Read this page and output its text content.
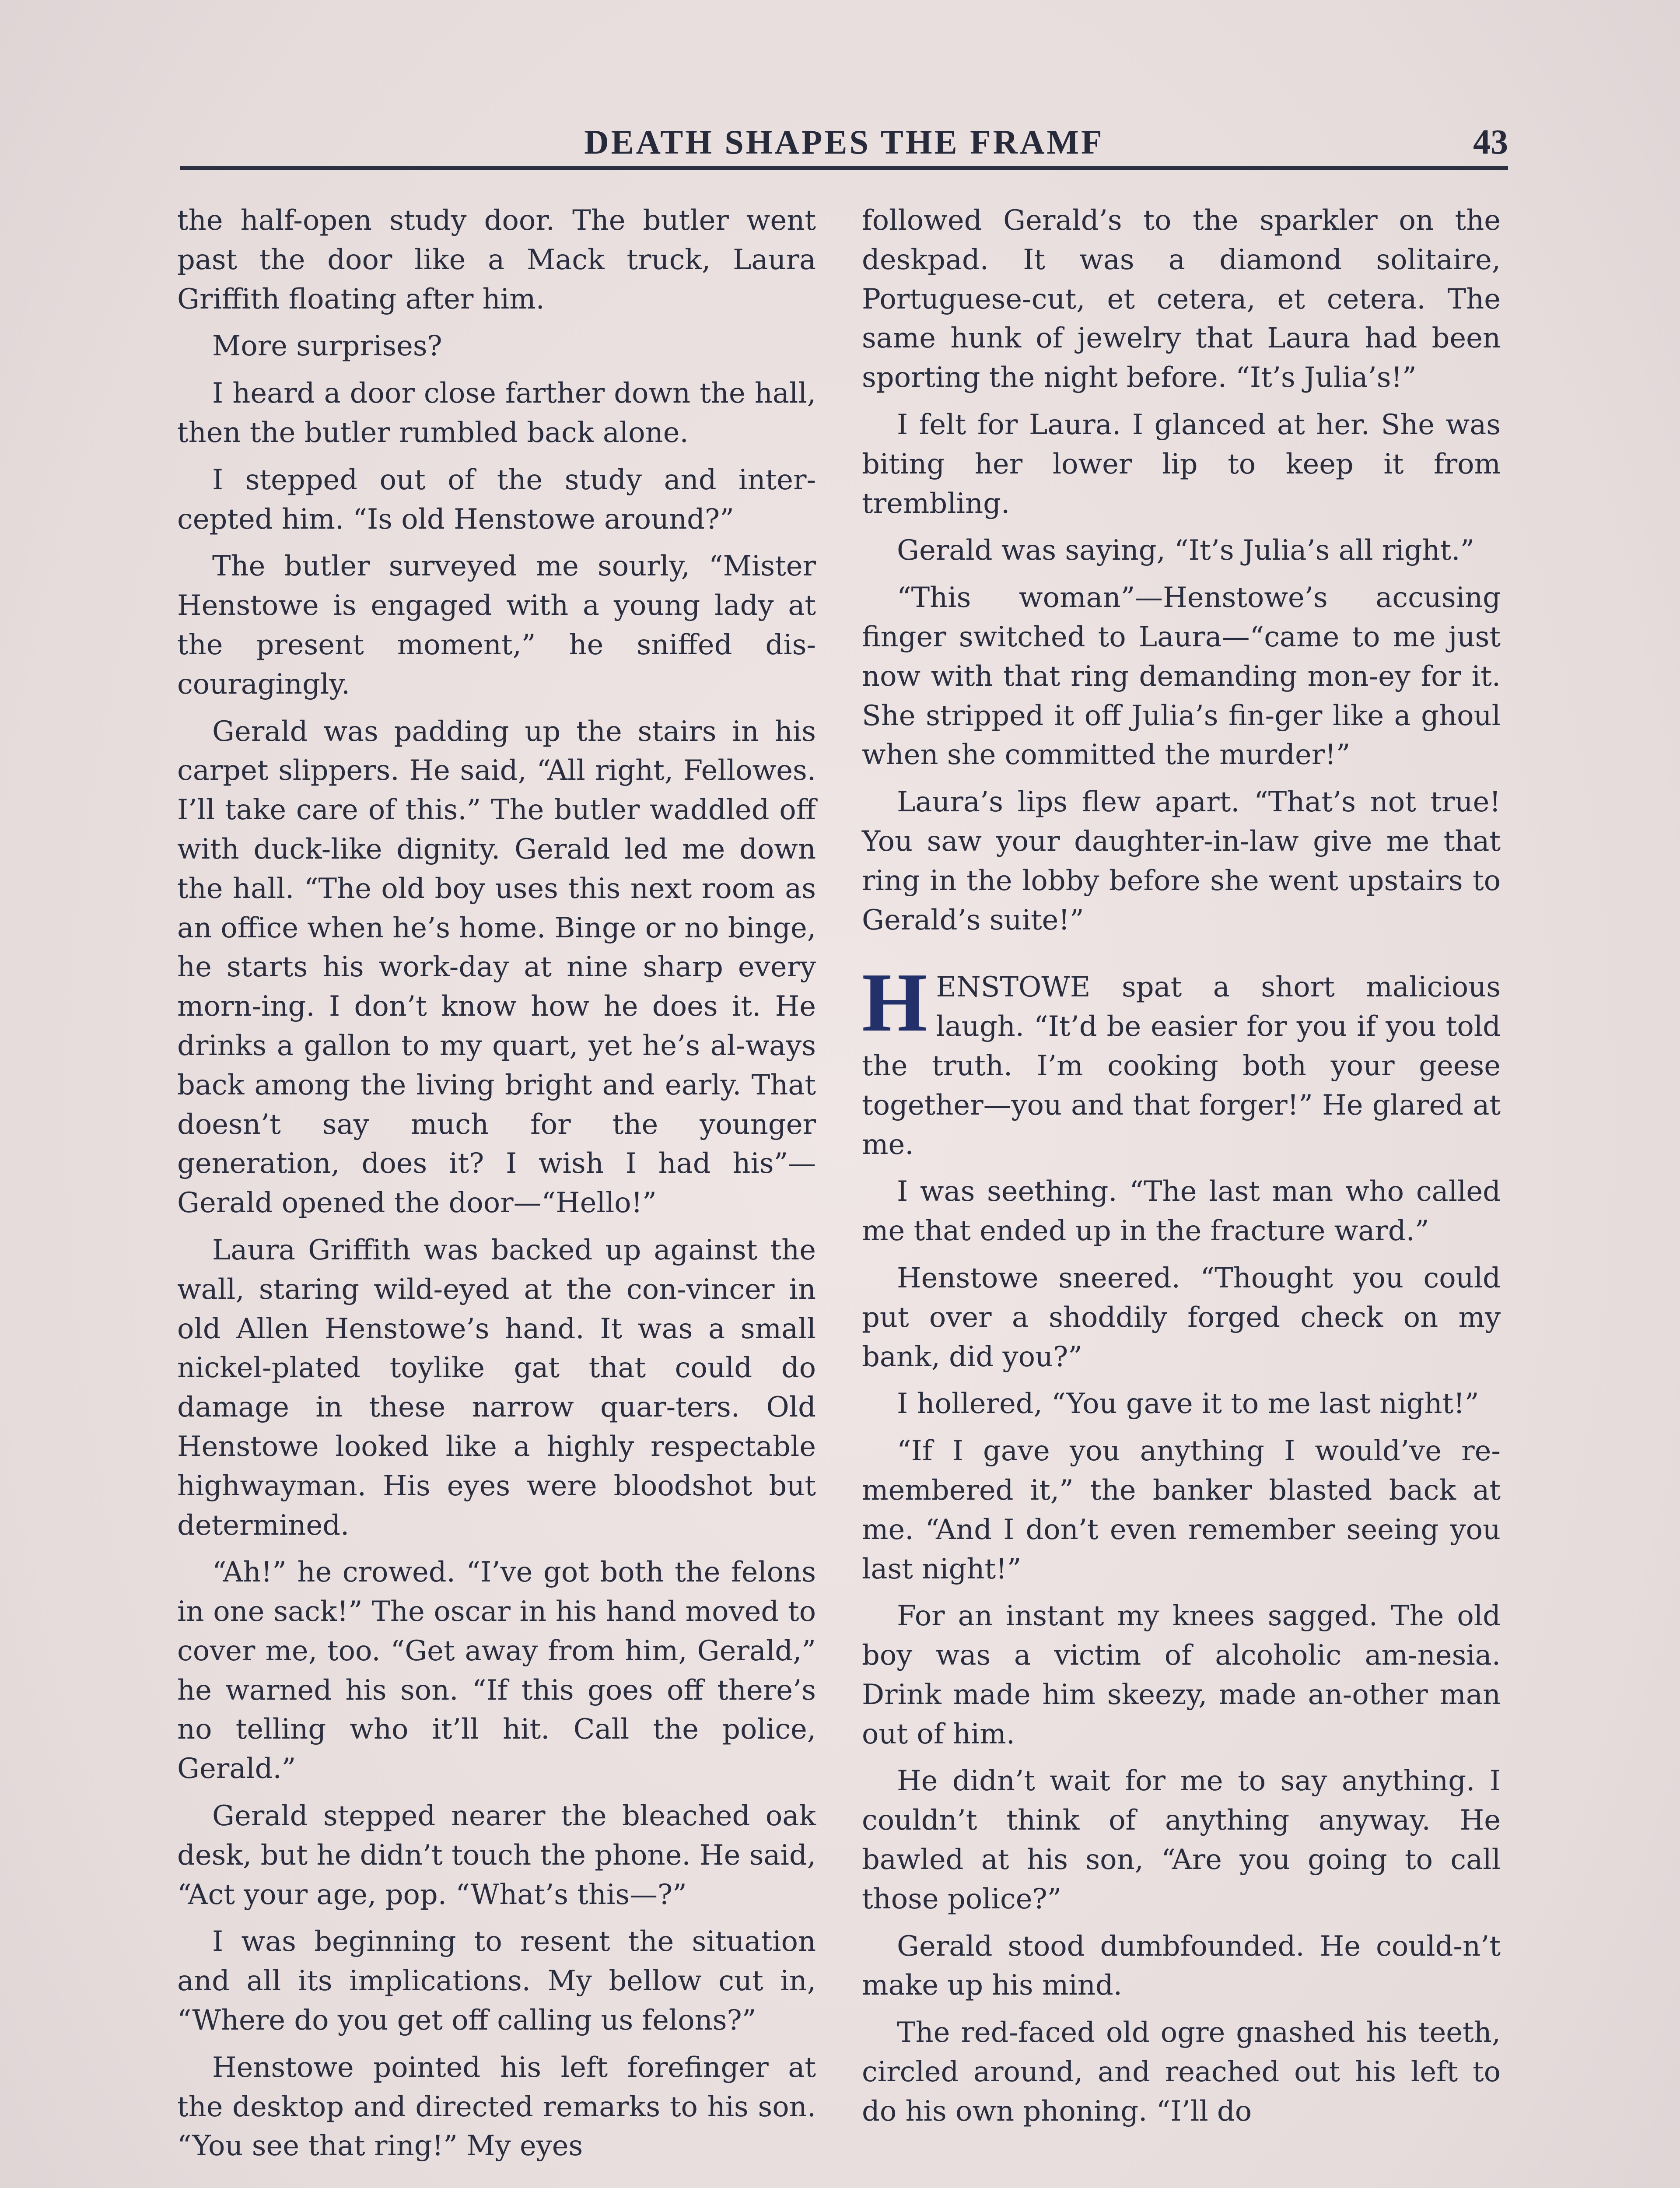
DEATH SHAPES THE FRAMF	43

the half-open study door. The butler went past the door like a Mack truck, Laura Griffith floating after him.

More surprises?

I heard a door close farther down the hall, then the butler rumbled back alone.

I stepped out of the study and inter-cepted him. “Is old Henstowe around?”

The butler surveyed me sourly, “Mister Henstowe is engaged with a young lady at the present moment,” he sniffed dis-couragingly.

Gerald was padding up the stairs in his carpet slippers. He said, “All right, Fellowes. I’ll take care of this.” The butler waddled off with duck-like dignity. Gerald led me down the hall. “The old boy uses this next room as an office when he’s home. Binge or no binge, he starts his work-day at nine sharp every morn-ing. I don’t know how he does it. He drinks a gallon to my quart, yet he’s al-ways back among the living bright and early. That doesn’t say much for the younger generation, does it? I wish I had his”—Gerald opened the door—“Hello!”

Laura Griffith was backed up against the wall, staring wild-eyed at the con-vincer in old Allen Henstowe’s hand. It was a small nickel-plated toylike gat that could do damage in these narrow quar-ters. Old Henstowe looked like a highly respectable highwayman. His eyes were bloodshot but determined.

“Ah!” he crowed. “I’ve got both the felons in one sack!” The oscar in his hand moved to cover me, too. “Get away from him, Gerald,” he warned his son. “If this goes off there’s no telling who it’ll hit. Call the police, Gerald.”

Gerald stepped nearer the bleached oak desk, but he didn’t touch the phone. He said, “Act your age, pop. “What’s this—?”

I was beginning to resent the situation and all its implications. My bellow cut in, “Where do you get off calling us felons?”

Henstowe pointed his left forefinger at the desktop and directed remarks to his son. “You see that ring!” My eyes

followed Gerald’s to the sparkler on the deskpad. It was a diamond solitaire, Portuguese-cut, et cetera, et cetera. The same hunk of jewelry that Laura had been sporting the night before. “It’s Julia’s!”

I felt for Laura. I glanced at her. She was biting her lower lip to keep it from trembling.

Gerald was saying, “It’s Julia’s all right.”

“This woman”—Henstowe’s accusing finger switched to Laura—“came to me just now with that ring demanding mon-ey for it. She stripped it off Julia’s fin-ger like a ghoul when she committed the murder!”

Laura’s lips flew apart. “That’s not true! You saw your daughter-in-law give me that ring in the lobby before she went upstairs to Gerald’s suite!”

HENSTOWE spat a short malicious laugh. “It’d be easier for you if you told the truth. I’m cooking both your geese together—you and that forger!” He glared at me.

I was seething. “The last man who called me that ended up in the fracture ward.”

Henstowe sneered. “Thought you could put over a shoddily forged check on my bank, did you?”

I hollered, “You gave it to me last night!”

“If I gave you anything I would’ve re-membered it,” the banker blasted back at me. “And I don’t even remember seeing you last night!”

For an instant my knees sagged. The old boy was a victim of alcoholic am-nesia. Drink made him skeezy, made an-other man out of him.

He didn’t wait for me to say anything. I couldn’t think of anything anyway. He bawled at his son, “Are you going to call those police?”

Gerald stood dumbfounded. He could-n’t make up his mind.

The red-faced old ogre gnashed his teeth, circled around, and reached out his left to do his own phoning. “I’ll do
